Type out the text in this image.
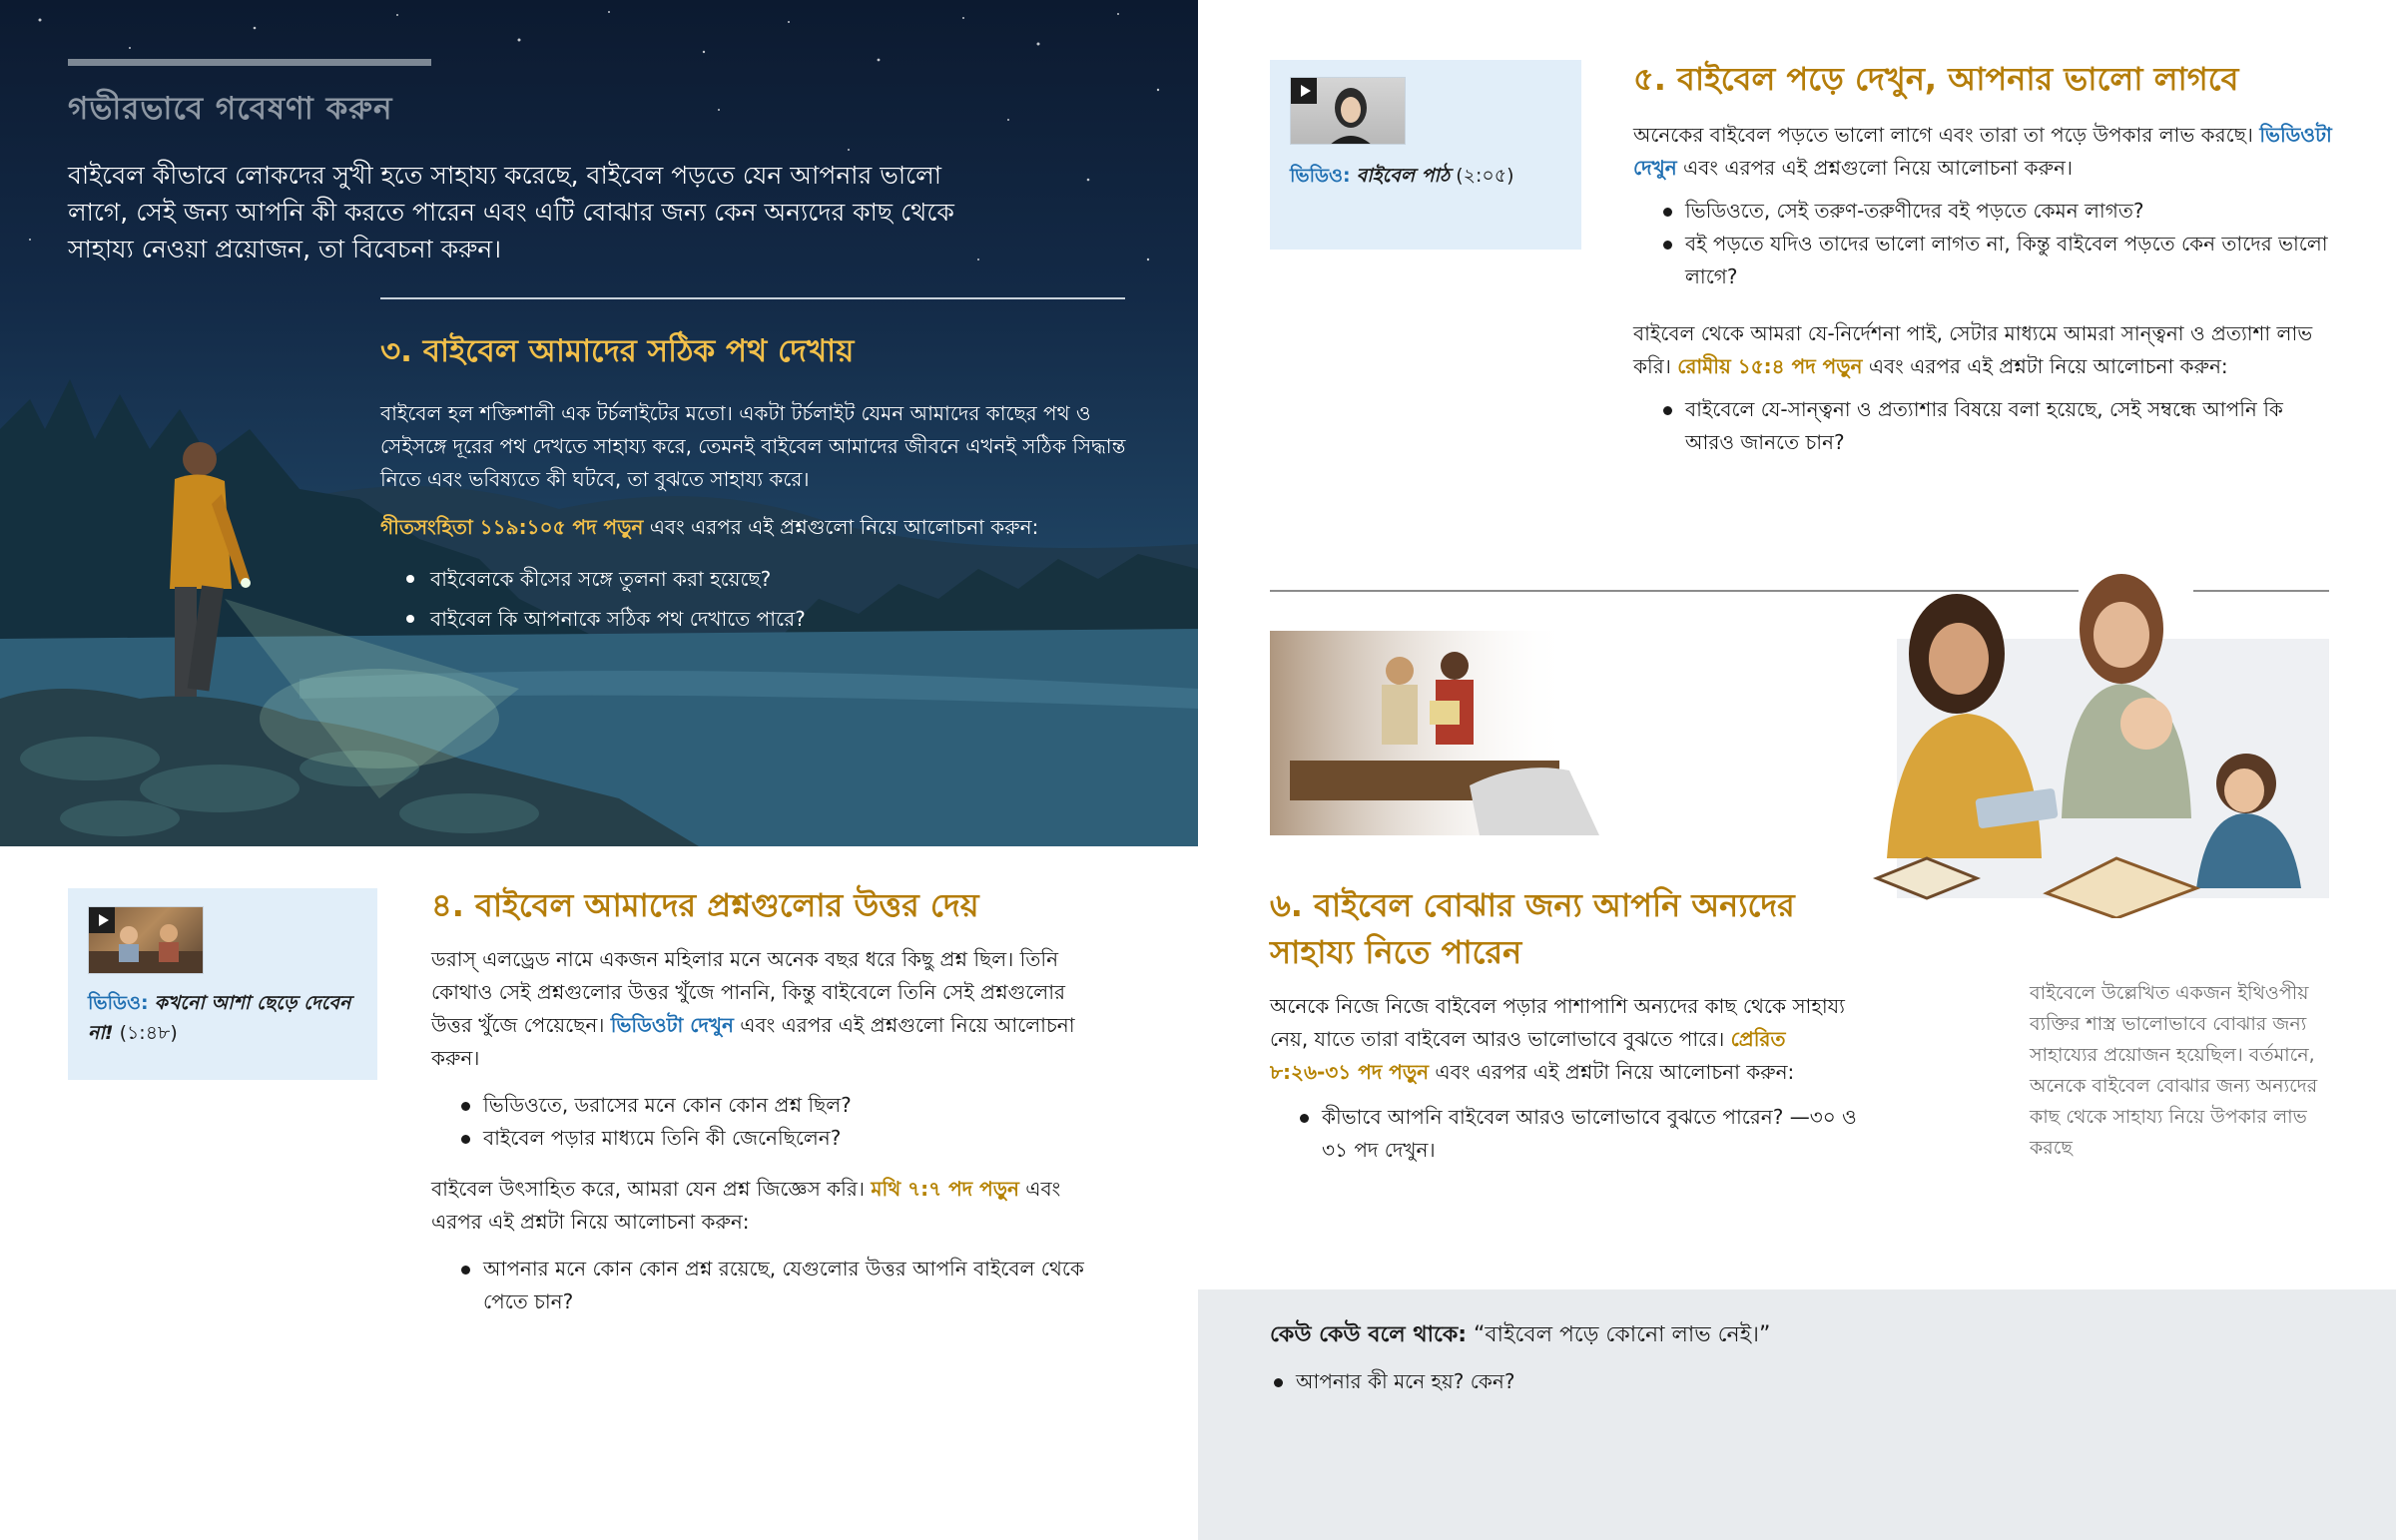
গভীরভাবে গবেষণা করুন
বাইবেল কীভাবে লোকদের সুখী হতে সাহায্য করেছে, বাইবেল পড়তে যেন আপনার ভালো লাগে, সেই জন্য আপনি কী করতে পারেন এবং এটি বোঝার জন্য কেন অন্যদের কাছ থেকে সাহায্য নেওয়া প্রয়োজন, তা বিবেচনা করুন।
৩. বাইবেল আমাদের সঠিক পথ দেখায়
বাইবেল হল শক্তিশালী এক টর্চলাইটের মতো। একটা টর্চলাইট যেমন আমাদের কাছের পথ ও সেইসঙ্গে দূরের পথ দেখতে সাহায্য করে, তেমনই বাইবেল আমাদের জীবনে এখনই সঠিক সিদ্ধান্ত নিতে এবং ভবিষ্যতে কী ঘটবে, তা বুঝতে সাহায্য করে।
গীতসংহিতা ১১৯:১০৫ পদ পড়ুন এবং এরপর এই প্রশ্নগুলো নিয়ে আলোচনা করুন:
বাইবেলকে কীসের সঙ্গে তুলনা করা হয়েছে?
বাইবেল কি আপনাকে সঠিক পথ দেখাতে পারে?
ভিডিও: কখনো আশা ছেড়ে দেবেন না! (১:৪৮)
৪. বাইবেল আমাদের প্রশ্নগুলোর উত্তর দেয়

ডরাস্‌ এলড্রেড নামে একজন মহিলার মনে অনেক বছর ধরে কিছু প্রশ্ন ছিল। তিনি কোথাও সেই প্রশ্নগুলোর উত্তর খুঁজে পাননি, কিন্তু বাইবেলে তিনি সেই প্রশ্নগুলোর উত্তর খুঁজে পেয়েছেন। ভিডিওটা দেখুন এবং এরপর এই প্রশ্নগুলো নিয়ে আলোচনা করুন।

ভিডিওতে, ডরাসের মনে কোন কোন প্রশ্ন ছিল?
বাইবেল পড়ার মাধ্যমে তিনি কী জেনেছিলেন?

বাইবেল উৎসাহিত করে, আমরা যেন প্রশ্ন জিজ্ঞেস করি। মথি ৭:৭ পদ পড়ুন এবং এরপর এই প্রশ্নটা নিয়ে আলোচনা করুন:

আপনার মনে কোন কোন প্রশ্ন রয়েছে, যেগুলোর উত্তর আপনি বাইবেল থেকে পেতে চান?
ভিডিও: বাইবেল পাঠ (২:০৫)
৫. বাইবেল পড়ে দেখুন, আপনার ভালো লাগবে

অনেকের বাইবেল পড়তে ভালো লাগে এবং তারা তা পড়ে উপকার লাভ করছে। ভিডিওটা দেখুন এবং এরপর এই প্রশ্নগুলো নিয়ে আলোচনা করুন।

ভিডিওতে, সেই তরুণ-তরুণীদের বই পড়তে কেমন লাগত?
বই পড়তে যদিও তাদের ভালো লাগত না, কিন্তু বাইবেল পড়তে কেন তাদের ভালো লাগে?

বাইবেল থেকে আমরা যে-নির্দেশনা পাই, সেটার মাধ্যমে আমরা সান্ত্বনা ও প্রত্যাশা লাভ করি। রোমীয় ১৫:৪ পদ পড়ুন এবং এরপর এই প্রশ্নটা নিয়ে আলোচনা করুন:

বাইবেলে যে-সান্ত্বনা ও প্রত্যাশার বিষয়ে বলা হয়েছে, সেই সম্বন্ধে আপনি কি আরও জানতে চান?
৬. বাইবেল বোঝার জন্য আপনি অন্যদের সাহায্য নিতে পারেন

অনেকে নিজে নিজে বাইবেল পড়ার পাশাপাশি অন্যদের কাছ থেকে সাহায্য নেয়, যাতে তারা বাইবেল আরও ভালোভাবে বুঝতে পারে। প্রেরিত ৮:২৬-৩১ পদ পড়ুন এবং এরপর এই প্রশ্নটা নিয়ে আলোচনা করুন:

কীভাবে আপনি বাইবেল আরও ভালোভাবে বুঝতে পারেন? —৩০ ও ৩১ পদ দেখুন।
বাইবেলে উল্লেখিত একজন ইথিওপীয় ব্যক্তির শাস্ত্র ভালোভাবে বোঝার জন্য সাহায্যের প্রয়োজন হয়েছিল। বর্তমানে, অনেকে বাইবেল বোঝার জন্য অন্যদের কাছ থেকে সাহায্য নিয়ে উপকার লাভ করছে
কেউ কেউ বলে থাকে: “বাইবেল পড়ে কোনো লাভ নেই।”
আপনার কী মনে হয়? কেন?
